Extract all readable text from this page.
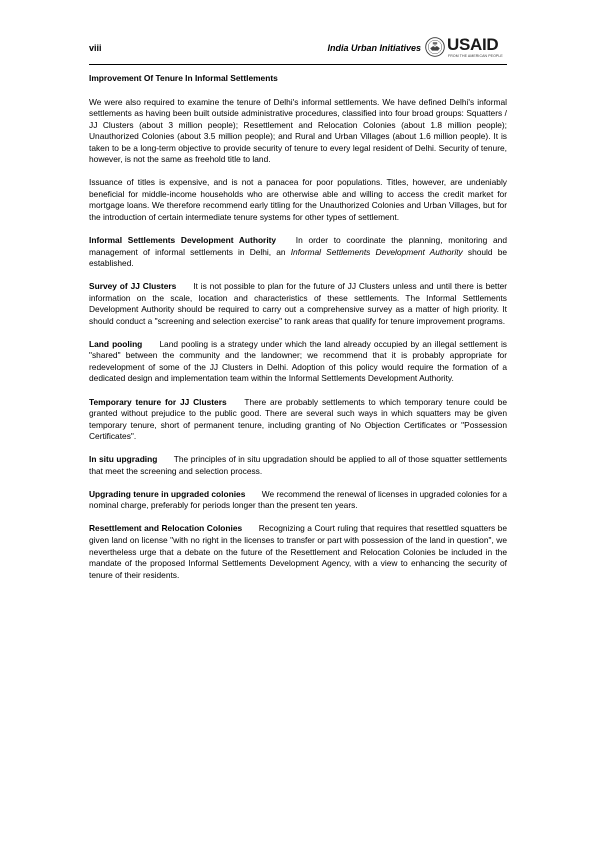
viii	India Urban Initiatives USAID
FROM THE AMERICAN PEOPLE

Improvement Of Tenure In Informal Settlements

We were also required to examine the tenure of Delhi's informal settlements. We have defined Delhi's informal settlements as having been built outside administrative procedures, classified into four broad groups: Squatters / JJ Clusters (about 3 million people); Resettlement and Relocation Colonies (about 1.8 million people); Unauthorized Colonies (about 3.5 million people); and Rural and Urban Villages (about 1.6 million people). It is taken to be a long-term objective to provide security of tenure to every legal resident of Delhi. Security of tenure, however, is not the same as freehold title to land.

Issuance of titles is expensive, and is not a panacea for poor populations. Titles, however, are undeniably beneficial for middle-income households who are otherwise able and willing to access the credit market for mortgage loans. We therefore recommend early titling for the Unauthorized Colonies and Urban Villages, but for the introduction of certain intermediate tenure systems for other types of settlement.

Informal Settlements Development Authority In order to coordinate the planning, monitoring and management of informal settlements in Delhi, an Informal Settlements Development Authority should be established.

Survey of JJ Clusters It is not possible to plan for the future of JJ Clusters unless and until there is better information on the scale, location and characteristics of these settlements. The Informal Settlements Development Authority should be required to carry out a comprehensive survey as a matter of high priority. It should conduct a "screening and selection exercise" to rank areas that qualify for tenure improvement programs.

Land pooling Land pooling is a strategy under which the land already occupied by an illegal settlement is "shared" between the community and the landowner; we recommend that it is probably appropriate for redevelopment of some of the JJ Clusters in Delhi. Adoption of this policy would require the formation of a dedicated design and implementation team within the Informal Settlements Development Authority.

Temporary tenure for JJ Clusters There are probably settlements to which temporary tenure could be granted without prejudice to the public good. There are several such ways in which squatters may be given temporary tenure, short of permanent tenure, including granting of No Objection Certificates or "Possession Certificates".

In situ upgrading The principles of in situ upgradation should be applied to all of those squatter settlements that meet the screening and selection process.

Upgrading tenure in upgraded colonies We recommend the renewal of licenses in upgraded colonies for a nominal charge, preferably for periods longer than the present ten years.

Resettlement and Relocation Colonies Recognizing a Court ruling that requires that resettled squatters be given land on license "with no right in the licenses to transfer or part with possession of the land in question", we nevertheless urge that a debate on the future of the Resettlement and Relocation Colonies be included in the mandate of the proposed Informal Settlements Development Agency, with a view to enhancing the security of tenure of their residents.
